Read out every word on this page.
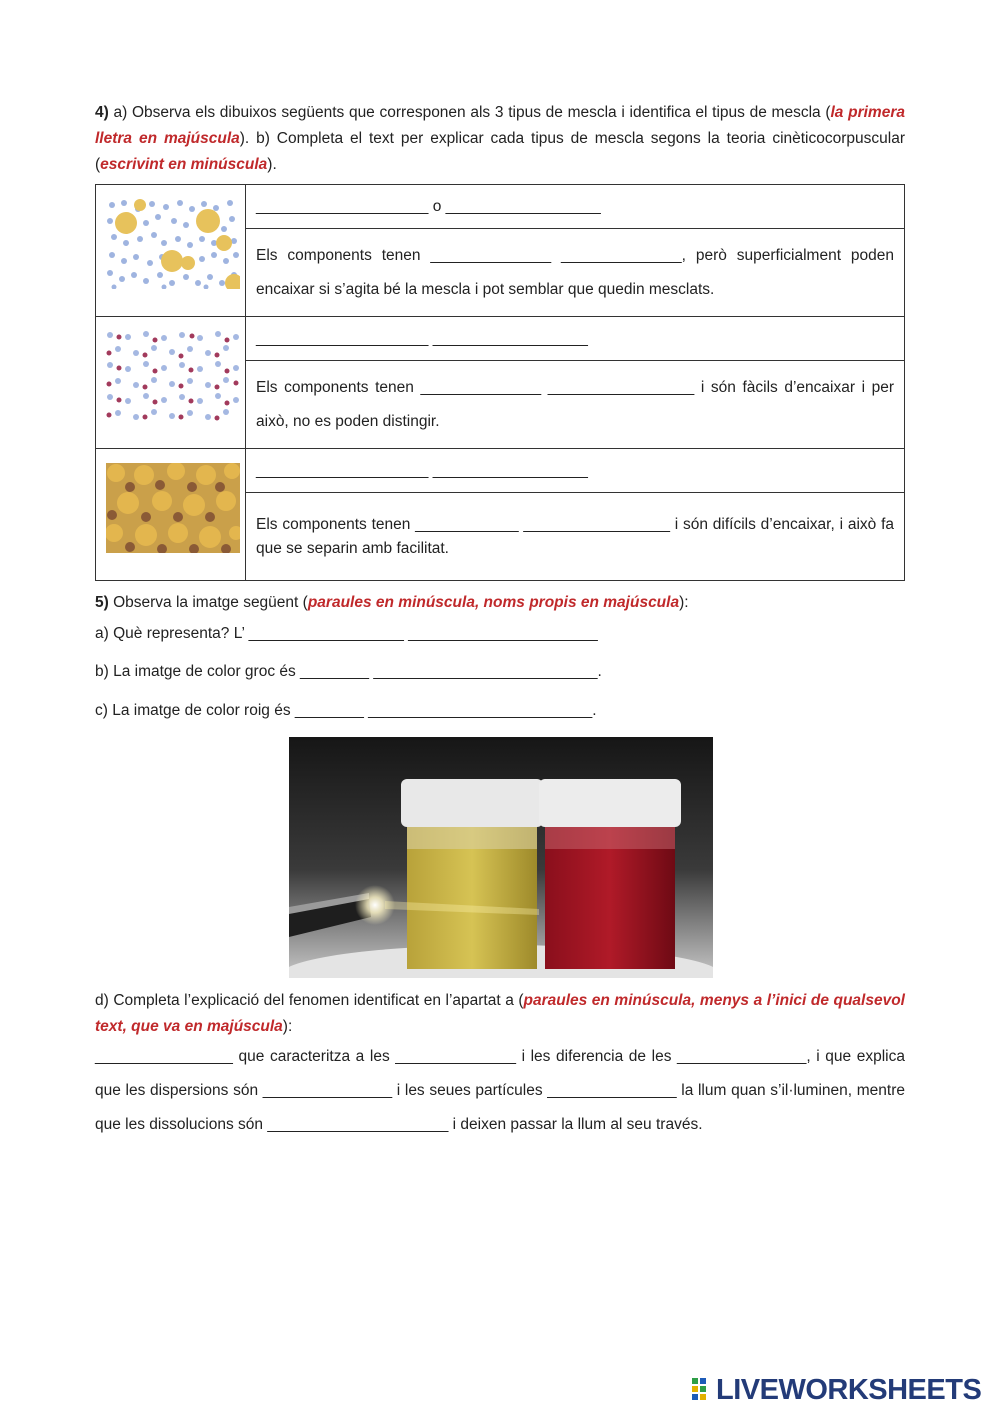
4) a) Observa els dibuixos següents que corresponen als 3 tipus de mescla i identifica el tipus de mescla (la primera lletra en majúscula). b) Completa el text per explicar cada tipus de mescla segons la teoria cinèticocorpuscular (escrivint en minúscula).
	____________________ o __________________
	Els components tenen ______________ ______________, però superficialment poden encaixar si s’agita bé la mescla i pot semblar que quedin mesclats.
	____________________ __________________
	Els components tenen ______________ _________________ i són fàcils d’encaixar i per això, no es poden distingir.
	____________________ __________________
	Els components tenen ____________ _________________ i són difícils d’encaixar, i això fa que se separin amb facilitat.
5) Observa la imatge següent (paraules en minúscula, noms propis en majúscula):
a) Què representa? L’ __________________ ______________________
b) La imatge de color groc és ________ __________________________.
c) La imatge de color roig és ________ __________________________.
d) Completa l’explicació del fenomen identificat en l’apartat a (paraules en minúscula, menys a l’inici de qualsevol text, que va en majúscula):
________________ que caracteritza a les ______________ i les diferencia de les _______________, i que explica que les dispersions són _______________ i les seues partícules _______________ la llum quan s’il·luminen, mentre que les dissolucions són _____________________ i deixen passar la llum al seu través.
LIVEWORKSHEETS
